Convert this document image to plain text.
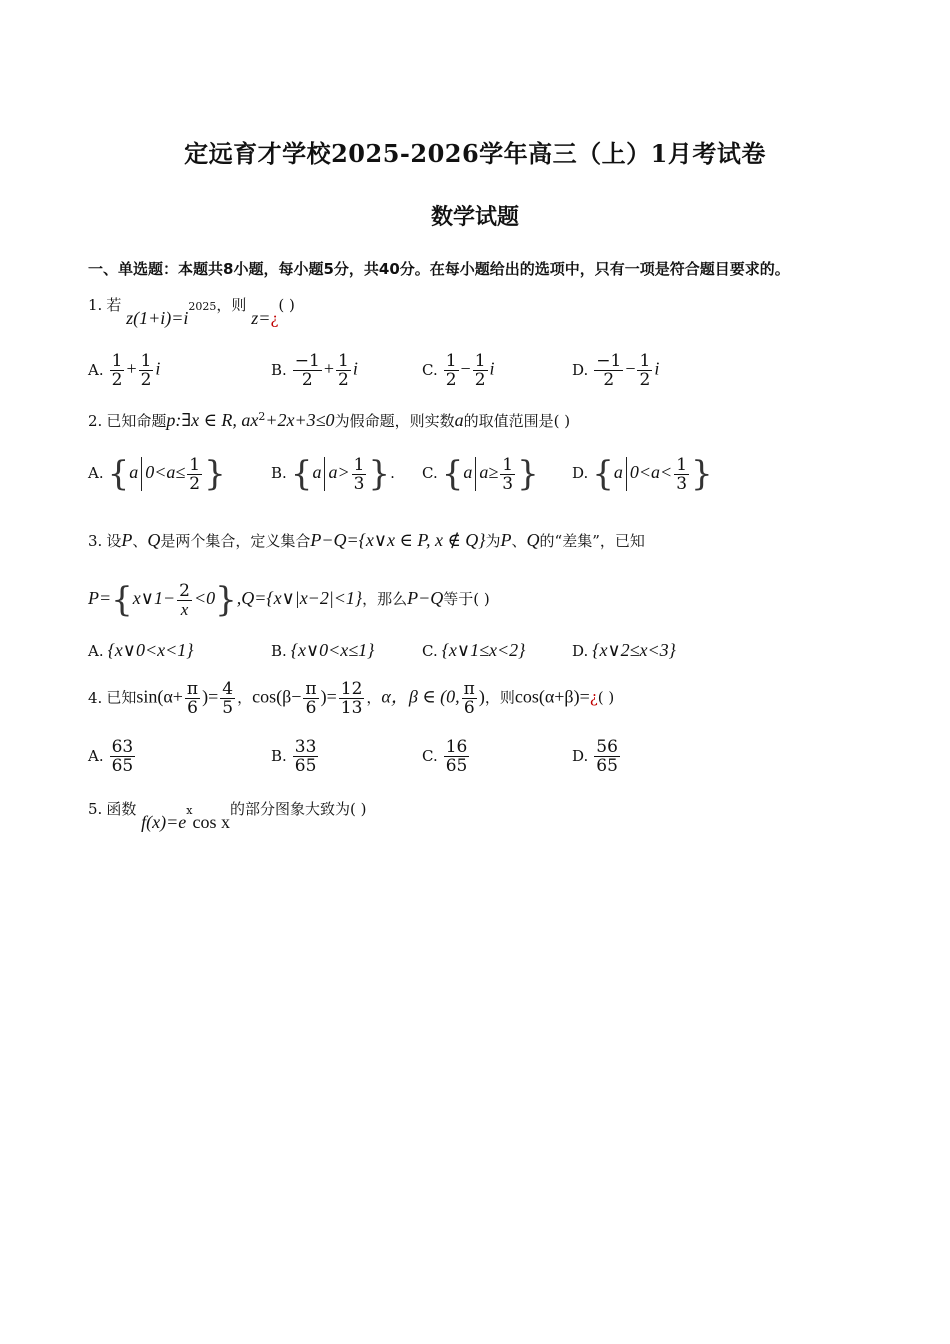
定远育才学校2025-2026学年高三（上）1月考试卷
数学试题
一、单选题：本题共8小题，每小题5分，共40分。在每小题给出的选项中，只有一项是符合题目要求的。
1. 若 $z(1+i)=i^{2025}$，则 z=¿( )
A. $\frac{1}{2} + \frac{1}{2}$ i	B. $\frac{-1}{2} + \frac{1}{2}$ i	C. $\frac{1}{2} - \frac{1}{2}$ i	D. $\frac{-1}{2} - \frac{1}{2}$ i
2. 已知命题p:∃x ∈ R, $ax^2+2x+3\le 0$为假命题，则实数a的取值范围是( )
A. {a $0<a\le \frac{1}{2}$ }	B. {a $a> \frac{1}{3}$ }. C. {a $a\ge \frac{1}{3}$ } D. {a $0<a< \frac{1}{3}$ }
3. 设P、Q是两个集合，定义集合P−Q={x∨x ∈ P, x ∉ Q}为P、Q的“差集”，已知
P={x∨1− $\frac{2}{x}$ <0},Q={x∨|x−2|<1}，那么P−Q等于( )
A. {x∨0<x<1}	B. {x∨0<x≤1}	C. {x∨1≤x<2}	D. {x∨2≤x<3}
4. 已知$\sin(\alpha+ \frac{\pi}{6}$ )= $\frac{4}{5}$ ，$\cos(\beta- \frac{\pi}{6}$ )= $\frac{12}{13}$ ，α，β ∈ (0, $\frac{\pi}{6}$ )，则cos(α+β)=¿( )
A. $\frac{63}{65}$	B. $\frac{33}{65}$	C. $\frac{16}{65}$	D. $\frac{56}{65}$
5. 函数 $f(x)=e^x\cos$ x的部分图象大致为( )
